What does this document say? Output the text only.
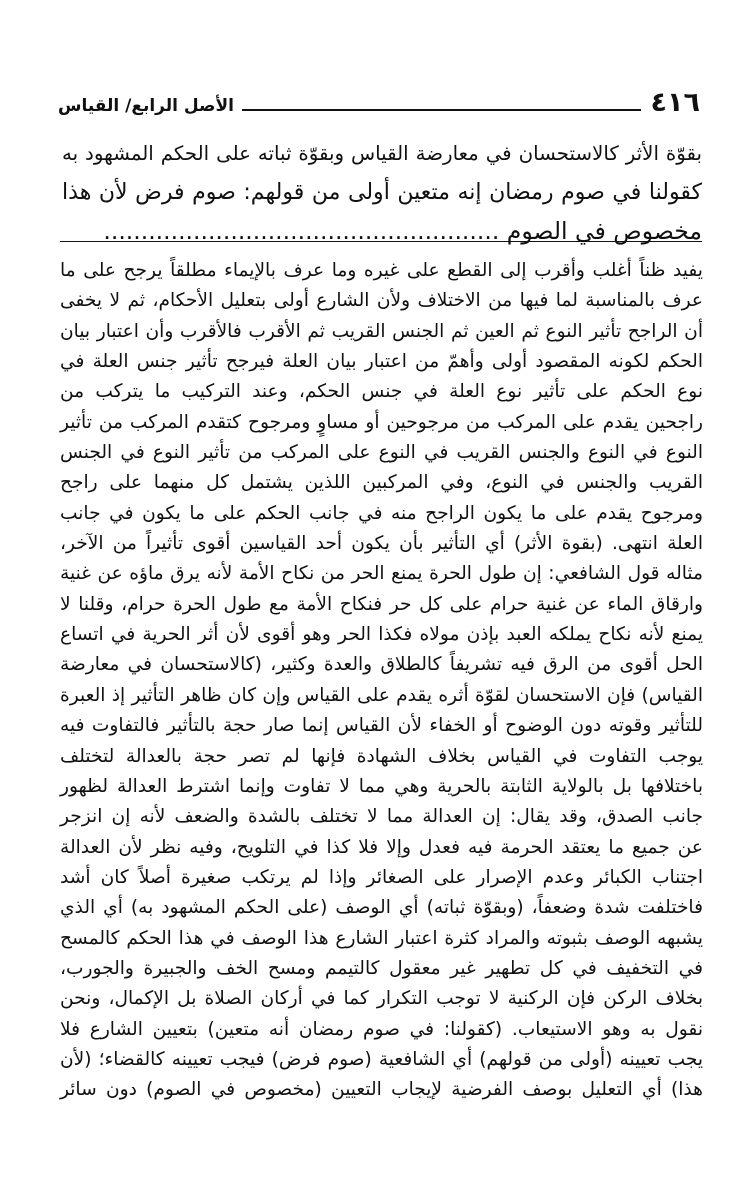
٤١٦
الأصل الرابع/ القياس
بقوّة الأثر كالاستحسان في معارضة القياس وبقوّة ثباته على الحكم المشهود به
كقولنا في صوم رمضان إنه متعين أولى من قولهم: صوم فرض لأن هذا
مخصوص في الصوم .....................................................
يفيد ظناً أغلب وأقرب إلى القطع على غيره وما عرف بالإيماء مطلقاً يرجح على ما
عرف بالمناسبة لما فيها من الاختلاف ولأن الشارع أولى بتعليل الأحكام، ثم لا يخفى
أن الراجح تأثير النوع ثم العين ثم الجنس القريب ثم الأقرب فالأقرب وأن اعتبار بيان
الحكم لكونه المقصود أولى وأهمّ من اعتبار بيان العلة فيرجح تأثير جنس العلة في
نوع الحكم على تأثير نوع العلة في جنس الحكم، وعند التركيب ما يتركب من
راجحين يقدم على المركب من مرجوحين أو مساوٍ ومرجوح كتقدم المركب من تأثير
النوع في النوع والجنس القريب في النوع على المركب من تأثير النوع في الجنس
القريب والجنس في النوع، وفي المركبين اللذين يشتمل كل منهما على راجح
ومرجوح يقدم على ما يكون الراجح منه في جانب الحكم على ما يكون في جانب
العلة انتهى. (بقوة الأثر) أي التأثير بأن يكون أحد القياسين أقوى تأثيراً من الآخر،
مثاله قول الشافعي: إن طول الحرة يمنع الحر من نكاح الأمة لأنه يرق ماؤه عن غنية
وارقاق الماء عن غنية حرام على كل حر فنكاح الأمة مع طول الحرة حرام، وقلنا لا
يمنع لأنه نكاح يملكه العبد بإذن مولاه فكذا الحر وهو أقوى لأن أثر الحرية في اتساع
الحل أقوى من الرق فيه تشريفاً كالطلاق والعدة وكثير، (كالاستحسان في معارضة
القياس) فإن الاستحسان لقوّة أثره يقدم على القياس وإن كان ظاهر التأثير إذ العبرة
للتأثير وقوته دون الوضوح أو الخفاء لأن القياس إنما صار حجة بالتأثير فالتفاوت فيه
يوجب التفاوت في القياس بخلاف الشهادة فإنها لم تصر حجة بالعدالة لتختلف
باختلافها بل بالولاية الثابتة بالحرية وهي مما لا تفاوت وإنما اشترط العدالة لظهور
جانب الصدق، وقد يقال: إن العدالة مما لا تختلف بالشدة والضعف لأنه إن انزجر
عن جميع ما يعتقد الحرمة فيه فعدل وإلا فلا كذا في التلويح، وفيه نظر لأن العدالة
اجتناب الكبائر وعدم الإصرار على الصغائر وإذا لم يرتكب صغيرة أصلاً كان أشد
فاختلفت شدة وضعفاً، (وبقوّة ثباته) أي الوصف (على الحكم المشهود به) أي الذي
يشبهه الوصف بثبوته والمراد كثرة اعتبار الشارع هذا الوصف في هذا الحكم كالمسح
في التخفيف في كل تطهير غير معقول كالتيمم ومسح الخف والجبيرة والجورب،
بخلاف الركن فإن الركنية لا توجب التكرار كما في أركان الصلاة بل الإكمال، ونحن
نقول به وهو الاستيعاب. (كقولنا: في صوم رمضان أنه متعين) بتعيين الشارع فلا
يجب تعيينه (أولى من قولهم) أي الشافعية (صوم فرض) فيجب تعيينه كالقضاء؛ (لأن
هذا) أي التعليل بوصف الفرضية لإيجاب التعيين (مخصوص في الصوم) دون سائر
